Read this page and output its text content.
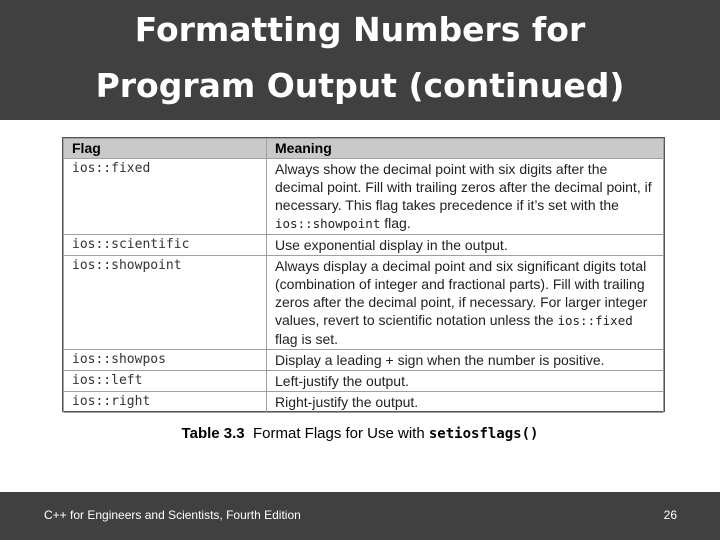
Formatting Numbers for
Program Output (continued)
Flag	Meaning
ios::fixed	Always show the decimal point with six digits after the decimal point. Fill with trailing zeros after the decimal point, if necessary. This flag takes precedence if it’s set with the ios::showpoint flag.
ios::scientific	Use exponential display in the output.
ios::showpoint	Always display a decimal point and six significant digits total (combination of integer and fractional parts). Fill with trailing zeros after the decimal point, if necessary. For larger integer values, revert to scientific notation unless the ios::fixed flag is set.
ios::showpos	Display a leading + sign when the number is positive.
ios::left	Left-justify the output.
ios::right	Right-justify the output.
Table 3.3 Format Flags for Use with setiosflags()
C++ for Engineers and Scientists, Fourth Edition	26
